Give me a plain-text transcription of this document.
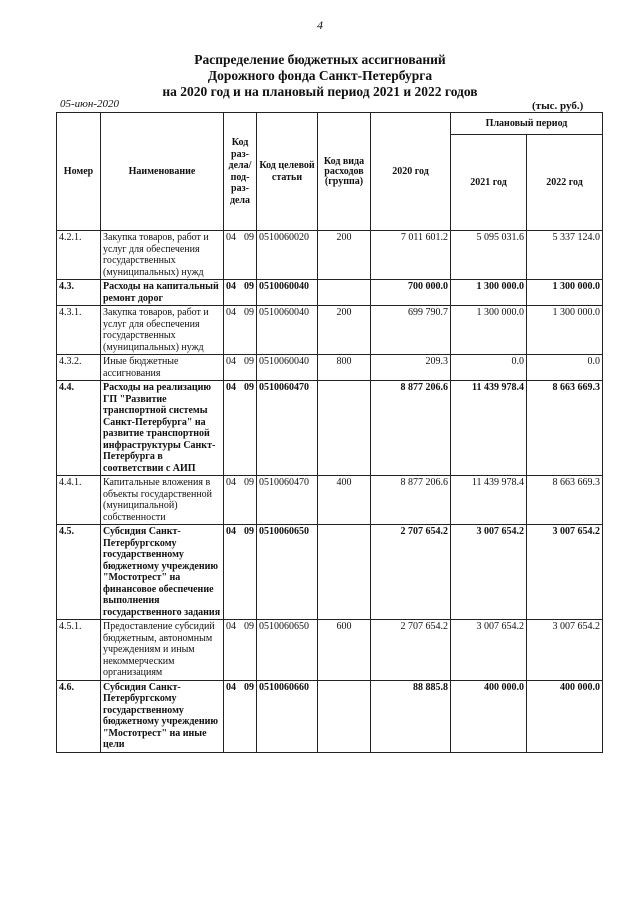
4
Распределение бюджетных ассигнований
Дорожного фонда Санкт-Петербурга
на 2020 год и на плановый период 2021 и 2022 годов
05-июн-2020	(тыс. руб.)
Номер	Наименование	Код раз- дела/ под- раз- дела	Код целевой статьи	Код вида расходов (группа)	2020 год	Плановый период	
						2021 год	2022 год
4.2.1.	Закупка товаров, работ и услуг для обеспечения государственных (муниципальных) нужд	04 09	0510060020	200	7 011 601.2	5 095 031.6	5 337 124.0
4.3.	Расходы на капитальный ремонт дорог	04 09	0510060040		700 000.0	1 300 000.0	1 300 000.0
4.3.1.	Закупка товаров, работ и услуг для обеспечения государственных (муниципальных) нужд	04 09	0510060040	200	699 790.7	1 300 000.0	1 300 000.0
4.3.2.	Иные бюджетные ассигнования	04 09	0510060040	800	209.3	0.0	0.0
4.4.	Расходы на реализацию ГП "Развитие транспортной системы Санкт-Петербурга" на развитие транспортной инфраструктуры Санкт-Петербурга в соответствии с АИП	04 09	0510060470		8 877 206.6	11 439 978.4	8 663 669.3
4.4.1.	Капитальные вложения в объекты государственной (муниципальной) собственности	04 09	0510060470	400	8 877 206.6	11 439 978.4	8 663 669.3
4.5.	Субсидия Санкт-Петербургскому государственному бюджетному учреждению "Мостотрест" на финансовое обеспечение выполнения государственного задания	04 09	0510060650		2 707 654.2	3 007 654.2	3 007 654.2
4.5.1.	Предоставление субсидий бюджетным, автономным учреждениям и иным некоммерческим организациям	04 09	0510060650	600	2 707 654.2	3 007 654.2	3 007 654.2
4.6.	Субсидия Санкт-Петербургскому государственному бюджетному учреждению "Мостотрест" на иные цели	04 09	0510060660		88 885.8	400 000.0	400 000.0
